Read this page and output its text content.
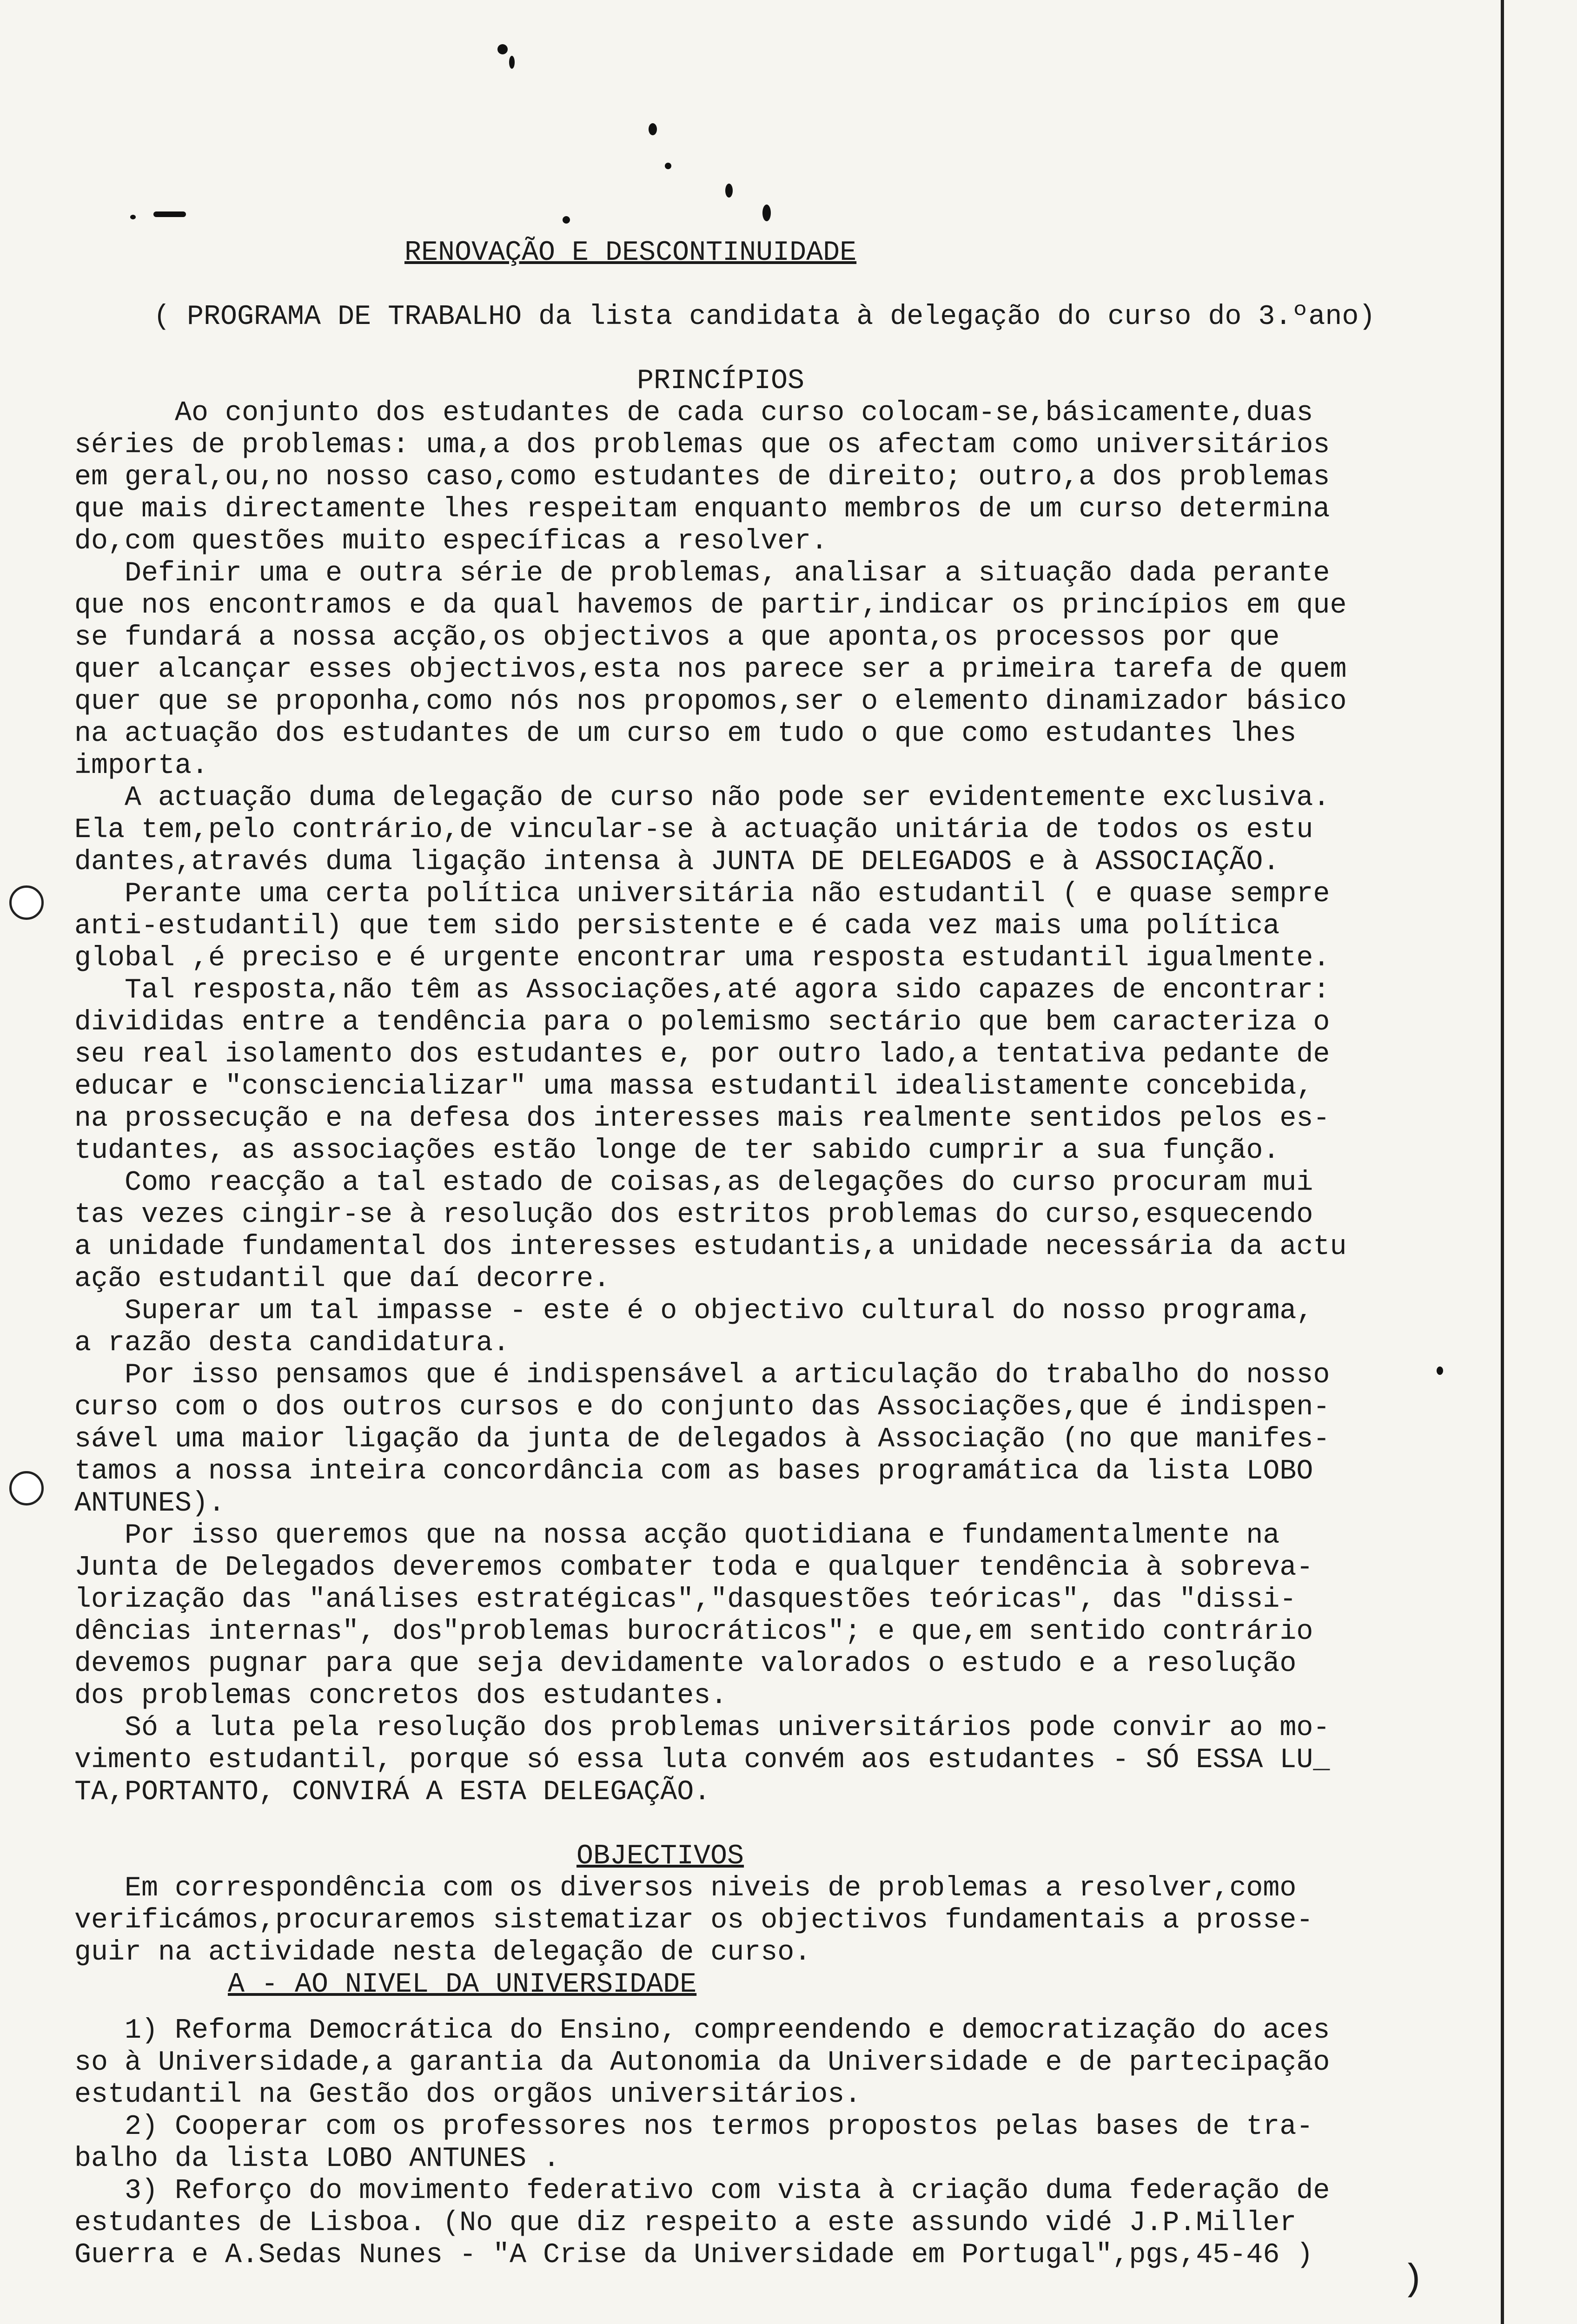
)
RENOVAÇÃO E DESCONTINUIDADE
( PROGRAMA DE TRABALHO da lista candidata à delegação do curso do 3.ºano)
PRINCÍPIOS
Ao conjunto dos estudantes de cada curso colocam-se,básicamente,duas
séries de problemas: uma,a dos problemas que os afectam como universitários
em geral,ou,no nosso caso,como estudantes de direito; outro,a dos problemas
que mais directamente lhes respeitam enquanto membros de um curso determina
do,com questões muito específicas a resolver.
Definir uma e outra série de problemas, analisar a situação dada perante
que nos encontramos e da qual havemos de partir,indicar os princípios em que
se fundará a nossa acção,os objectivos a que aponta,os processos por que
quer alcançar esses objectivos,esta nos parece ser a primeira tarefa de quem
quer que se proponha,como nós nos propomos,ser o elemento dinamizador básico
na actuação dos estudantes de um curso em tudo o que como estudantes lhes
importa.
A actuação duma delegação de curso não pode ser evidentemente exclusiva.
Ela tem,pelo contrário,de vincular-se à actuação unitária de todos os estu
dantes,através duma ligação intensa à JUNTA DE DELEGADOS e à ASSOCIAÇÃO.
Perante uma certa política universitária não estudantil ( e quase sempre
anti-estudantil) que tem sido persistente e é cada vez mais uma política
global ,é preciso e é urgente encontrar uma resposta estudantil igualmente.
Tal resposta,não têm as Associações,até agora sido capazes de encontrar:
divididas entre a tendência para o polemismo sectário que bem caracteriza o
seu real isolamento dos estudantes e, por outro lado,a tentativa pedante de
educar e "consciencializar" uma massa estudantil idealistamente concebida,
na prossecução e na defesa dos interesses mais realmente sentidos pelos es-
tudantes, as associações estão longe de ter sabido cumprir a sua função.
Como reacção a tal estado de coisas,as delegações do curso procuram mui
tas vezes cingir-se à resolução dos estritos problemas do curso,esquecendo
a unidade fundamental dos interesses estudantis,a unidade necessária da actu
ação estudantil que daí decorre.
Superar um tal impasse - este é o objectivo cultural do nosso programa,
a razão desta candidatura.
Por isso pensamos que é indispensável a articulação do trabalho do nosso
curso com o dos outros cursos e do conjunto das Associações,que é indispen-
sável uma maior ligação da junta de delegados à Associação (no que manifes-
tamos a nossa inteira concordância com as bases programática da lista LOBO
ANTUNES).
Por isso queremos que na nossa acção quotidiana e fundamentalmente na
Junta de Delegados deveremos combater toda e qualquer tendência à sobreva-
lorização das "análises estratégicas","dasquestões teóricas", das "dissi-
dências internas", dos"problemas burocráticos"; e que,em sentido contrário
devemos pugnar para que seja devidamente valorados o estudo e a resolução
dos problemas concretos dos estudantes.
Só a luta pela resolução dos problemas universitários pode convir ao mo-
vimento estudantil, porque só essa luta convém aos estudantes - SÓ ESSA LU_
TA,PORTANTO, CONVIRÁ A ESTA DELEGAÇÃO.
OBJECTIVOS
Em correspondência com os diversos niveis de problemas a resolver,como
verificámos,procuraremos sistematizar os objectivos fundamentais a prosse-
guir na actividade nesta delegação de curso.
A - AO NIVEL DA UNIVERSIDADE
1) Reforma Democrática do Ensino, compreendendo e democratização do aces
so à Universidade,a garantia da Autonomia da Universidade e de partecipação
estudantil na Gestão dos orgãos universitários.
2) Cooperar com os professores nos termos propostos pelas bases de tra-
balho da lista LOBO ANTUNES .
3) Reforço do movimento federativo com vista à criação duma federação de
estudantes de Lisboa. (No que diz respeito a este assundo vidé J.P.Miller
Guerra e A.Sedas Nunes - "A Crise da Universidade em Portugal",pgs,45-46 )
